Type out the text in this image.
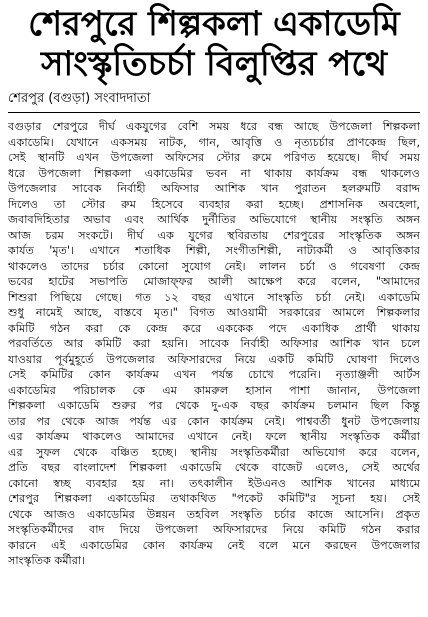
শেরপুরে শিল্পকলা একাডেমি
সাংস্কৃতিচর্চা বিলুপ্তির পথে
শেরপুর (বগুড়া) সংবাদদাতা
বগুড়ার শেরপুরে দীর্ঘ একযুগের বেশি সময় ধরে বন্ধ আছে উপজেলা শিল্পকলা
একাডেমি। যেখানে একসময় নাটক, গান, আবৃত্তি ও নৃত্যচর্চার প্রাণকেন্দ্র ছিল,
সেই স্থানটি এখন উপজেলা অফিসের স্টোর রুমে পরিণত হয়েছে। দীর্ঘ সময়
ধরে উপজেলা শিল্পকলা একাডেমির ভবন না থাকায় কার্যক্রম বন্ধ থাকলেও
উপজেলার সাবেক নির্বাহী অফিসার আশিক খান পুরাতন হলরুমটি বরাদ্দ
দিলেও তা স্টোর রুম হিসেবে ব্যবহার করা হচ্ছে। প্রশাসনিক অবহেলা,
জবাবদিহিতার অভাব এবং আর্থিক দুর্নীতির অভিযোগে স্থানীয় সংস্কৃতি অঙ্গন
আজ চরম সংকটে। দীর্ঘ এক যুগের স্থবিরতায় শেরপুরের সাংস্কৃতিক অঙ্গন
কার্যত 'মৃত'। এখানে শতাধিক শিল্পী, সংগীতশিল্পী, নাট্যকর্মী ও আবৃত্তিকার
থাকলেও তাদের চর্চার কোনো সুযোগ নেই। লালন চর্চা ও গবেষণা কেন্দ্র
ভবের হাটের সভাপতি মোজাফ্ফর আলী আক্ষেপ করে বলেন, "আমাদের
শিশুরা পিছিয়ে গেছে। গত ১২ বছর এখানে সাংস্কৃতি চর্চা নেই। একাডেমি
শুধু নামেই আছে, বাস্তবে মৃত।" বিগত আওয়ামী সরকারের আমলে শিল্পকলার
কমিটি গঠন করা কে কেন্দ্র করে এককেক পদে একাধিক প্রার্থী থাকায়
পরবর্তিতে আর কমিটি করা হয়নি। সাবেক নির্বাহী অফিসার আশিক খান চলে
যাওয়ার পূর্বমুহূর্তে উপজেলার অফিসারদের নিয়ে একটি কমিটি ঘোষণা দিলেও
সেই কমিটির কোন কার্যক্রম এখন পর্যন্ত চোখে পরেনি। নৃত্যাঞ্জলী আর্টস
একাডেমির পরিচালক কে এম কামরুল হাসান পাশা জানান, উপজেলা
শিল্পকলা একাডেমি শুরুর পর থেকে দু-এক বছর কার্যক্রম চলমান ছিল কিন্তু
তার পর থেকে আজ পর্যন্ত এর কোন কার্যক্রম নেই। পাশ্ববর্তী ধুনট উপজেলায়
এর কার্যক্রম থাকলেও আমাদের এখানে নেই। ফলে স্থানীয় সংস্কৃতিক কর্মীরা
এর সুফল থেকে বঞ্চিত হচ্ছে। স্থানীয় সংস্কৃতিকর্মীরা অভিযোগ করে বলেন,
প্রতি বছর বাংলাদেশ শিল্পকলা একাডেমি থেকে বাজেট এলেও, সেই অর্থের
কোনো স্বচ্ছ ব্যবহার হয় না। তৎকালীন ইউএনও আশিক খানের মাধ্যমে
শেরপুর শিল্পকলা একাডেমির তথাকথিত "পকেট কমিটি"র সূচনা হয়। সেই
থেকে আজও একাডেমির উন্নয়ন তহবিল সংস্কৃতি চর্চার কাজে আসেনি। প্রকৃত
সংস্কৃতিকর্মীদের বাদ দিয়ে উপজেলা অফিসারদের নিয়ে কমিটি গঠন করার
কারনে এই একাডেমির কোন কার্যক্রম নেই বলে মনে করছেন উপজেলার
সাংস্কৃতিক কর্মীরা।
